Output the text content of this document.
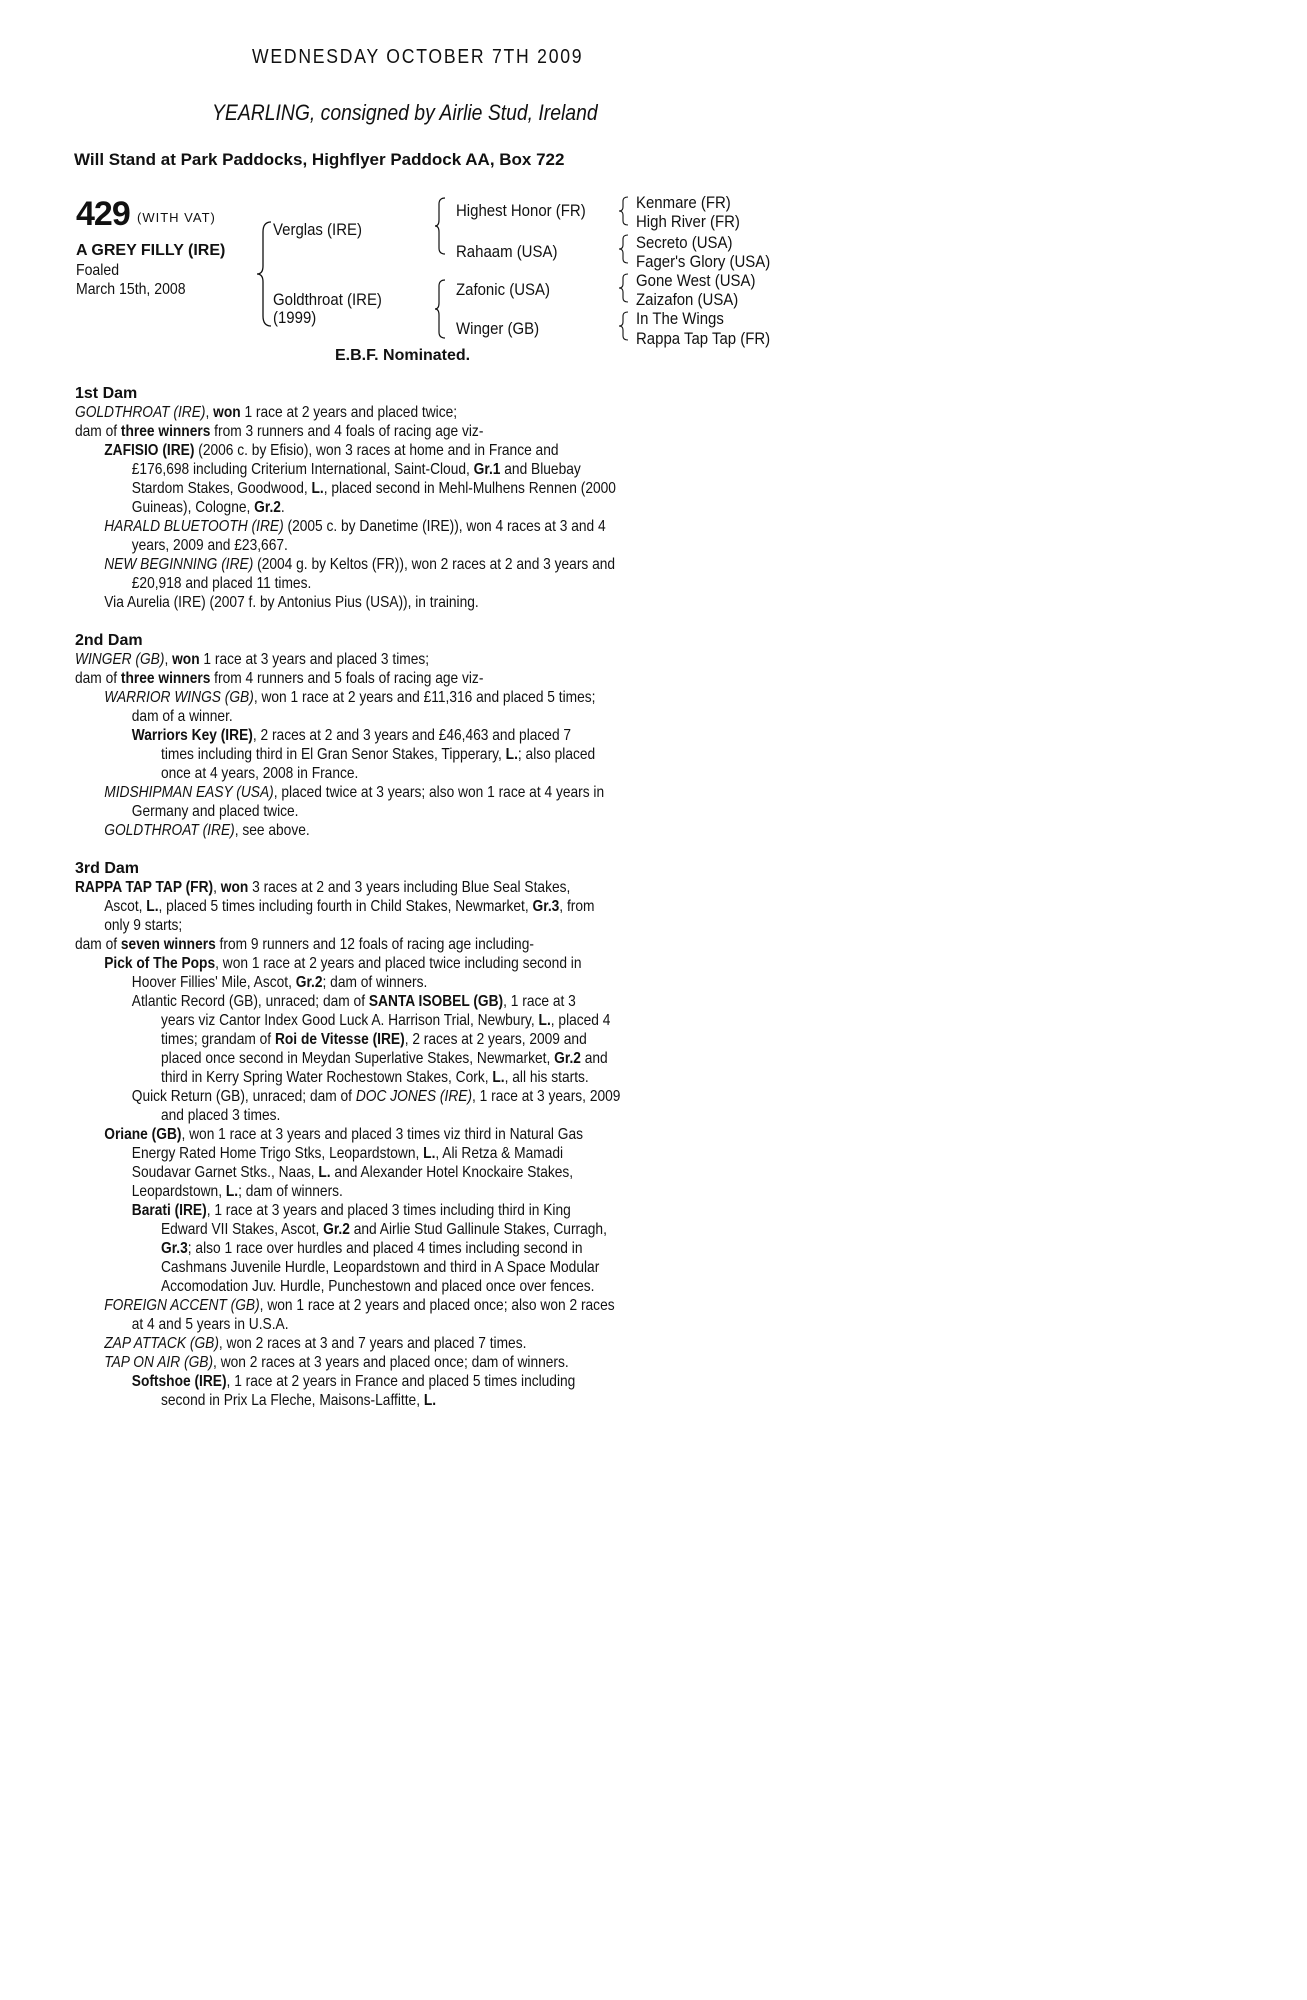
WEDNESDAY OCTOBER 7TH 2009
YEARLING, consigned by Airlie Stud, Ireland
Will Stand at Park Paddocks, Highflyer Paddock AA, Box 722
429 (WITH VAT)
A GREY FILLY (IRE)
Foaled
March 15th, 2008
Verglas (IRE)
Goldthroat (IRE)
(1999)
Highest Honor (FR)
Rahaam (USA)
Zafonic (USA)
Winger (GB)
Kenmare (FR)
High River (FR)
Secreto (USA)
Fager's Glory (USA)
Gone West (USA)
Zaizafon (USA)
In The Wings
Rappa Tap Tap (FR)
E.B.F. Nominated.
1st Dam
GOLDTHROAT (IRE), won 1 race at 2 years and placed twice;
dam of three winners from 3 runners and 4 foals of racing age viz-
ZAFISIO (IRE) (2006 c. by Efisio), won 3 races at home and in France and
£176,698 including Criterium International, Saint-Cloud, Gr.1 and Bluebay
Stardom Stakes, Goodwood, L., placed second in Mehl-Mulhens Rennen (2000
Guineas), Cologne, Gr.2.
HARALD BLUETOOTH (IRE) (2005 c. by Danetime (IRE)), won 4 races at 3 and 4
years, 2009 and £23,667.
NEW BEGINNING (IRE) (2004 g. by Keltos (FR)), won 2 races at 2 and 3 years and
£20,918 and placed 11 times.
Via Aurelia (IRE) (2007 f. by Antonius Pius (USA)), in training.
2nd Dam
WINGER (GB), won 1 race at 3 years and placed 3 times;
dam of three winners from 4 runners and 5 foals of racing age viz-
WARRIOR WINGS (GB), won 1 race at 2 years and £11,316 and placed 5 times;
dam of a winner.
Warriors Key (IRE), 2 races at 2 and 3 years and £46,463 and placed 7
times including third in El Gran Senor Stakes, Tipperary, L.; also placed
once at 4 years, 2008 in France.
MIDSHIPMAN EASY (USA), placed twice at 3 years; also won 1 race at 4 years in
Germany and placed twice.
GOLDTHROAT (IRE), see above.
3rd Dam
RAPPA TAP TAP (FR), won 3 races at 2 and 3 years including Blue Seal Stakes,
Ascot, L., placed 5 times including fourth in Child Stakes, Newmarket, Gr.3, from
only 9 starts;
dam of seven winners from 9 runners and 12 foals of racing age including-
Pick of The Pops, won 1 race at 2 years and placed twice including second in
Hoover Fillies' Mile, Ascot, Gr.2; dam of winners.
Atlantic Record (GB), unraced; dam of SANTA ISOBEL (GB), 1 race at 3
years viz Cantor Index Good Luck A. Harrison Trial, Newbury, L., placed 4
times; grandam of Roi de Vitesse (IRE), 2 races at 2 years, 2009 and
placed once second in Meydan Superlative Stakes, Newmarket, Gr.2 and
third in Kerry Spring Water Rochestown Stakes, Cork, L., all his starts.
Quick Return (GB), unraced; dam of DOC JONES (IRE), 1 race at 3 years, 2009
and placed 3 times.
Oriane (GB), won 1 race at 3 years and placed 3 times viz third in Natural Gas
Energy Rated Home Trigo Stks, Leopardstown, L., Ali Retza & Mamadi
Soudavar Garnet Stks., Naas, L. and Alexander Hotel Knockaire Stakes,
Leopardstown, L.; dam of winners.
Barati (IRE), 1 race at 3 years and placed 3 times including third in King
Edward VII Stakes, Ascot, Gr.2 and Airlie Stud Gallinule Stakes, Curragh,
Gr.3; also 1 race over hurdles and placed 4 times including second in
Cashmans Juvenile Hurdle, Leopardstown and third in A Space Modular
Accomodation Juv. Hurdle, Punchestown and placed once over fences.
FOREIGN ACCENT (GB), won 1 race at 2 years and placed once; also won 2 races
at 4 and 5 years in U.S.A.
ZAP ATTACK (GB), won 2 races at 3 and 7 years and placed 7 times.
TAP ON AIR (GB), won 2 races at 3 years and placed once; dam of winners.
Softshoe (IRE), 1 race at 2 years in France and placed 5 times including
second in Prix La Fleche, Maisons-Laffitte, L.
